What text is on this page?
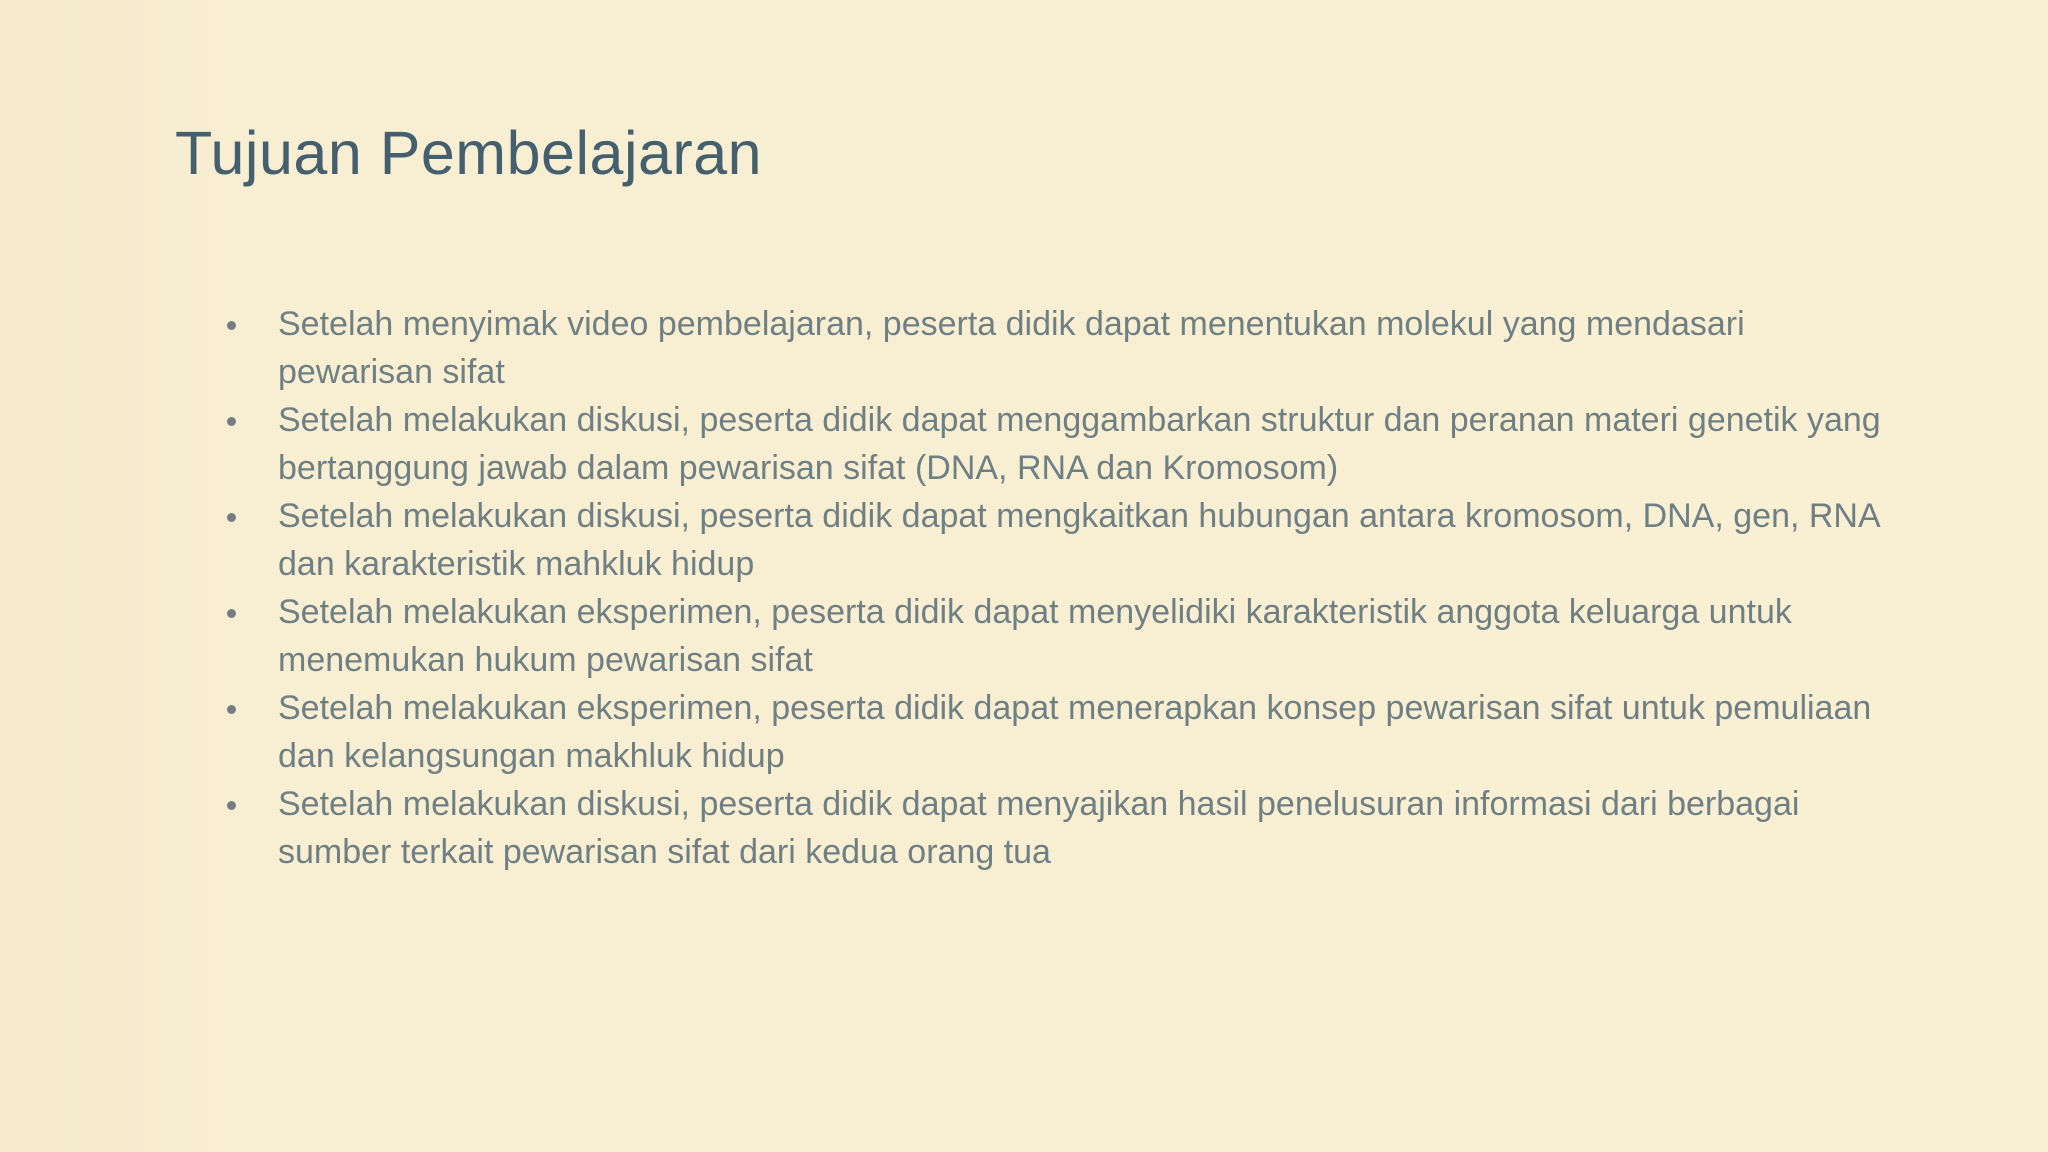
Tujuan Pembelajaran
Setelah menyimak video pembelajaran, peserta didik dapat menentukan molekul yang mendasari pewarisan sifat
Setelah melakukan diskusi, peserta didik dapat menggambarkan struktur dan peranan materi genetik yang bertanggung jawab dalam pewarisan sifat (DNA, RNA dan Kromosom)
Setelah melakukan diskusi, peserta didik dapat mengkaitkan hubungan antara kromosom, DNA, gen, RNA dan karakteristik mahkluk hidup
Setelah melakukan eksperimen, peserta didik dapat menyelidiki karakteristik anggota keluarga untuk menemukan hukum pewarisan sifat
Setelah melakukan eksperimen, peserta didik dapat menerapkan konsep pewarisan sifat untuk pemuliaan dan kelangsungan makhluk hidup
Setelah melakukan diskusi, peserta didik dapat menyajikan hasil penelusuran informasi dari berbagai sumber terkait pewarisan sifat dari kedua orang tua
